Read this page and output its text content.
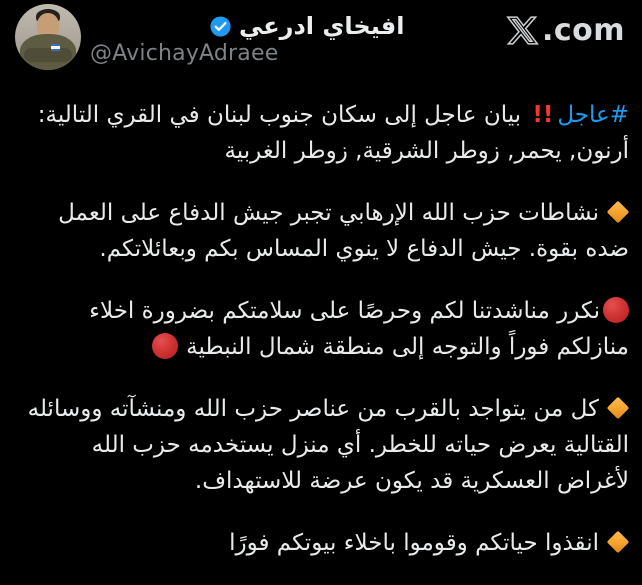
افيخاي ادرعي
@AvichayAdraee
.com

#عاجل!! بيان عاجل إلى سكان جنوب لبنان في القري التالية: أرنون, يحمر, زوطر الشرقية, زوطر الغربية

نشاطات حزب الله الإرهابي تجبر جيش الدفاع على العمل ضده بقوة. جيش الدفاع لا ينوي المساس بكم وبعائلاتكم.

نكرر مناشدتنا لكم وحرصًا على سلامتكم بضرورة اخلاء منازلكم فوراً والتوجه إلى منطقة شمال النبطية

كل من يتواجد بالقرب من عناصر حزب الله ومنشآته ووسائله القتالية يعرض حياته للخطر. أي منزل يستخدمه حزب الله لأغراض العسكرية قد يكون عرضة للاستهداف.

انقذوا حياتكم وقوموا باخلاء بيوتكم فورًا
